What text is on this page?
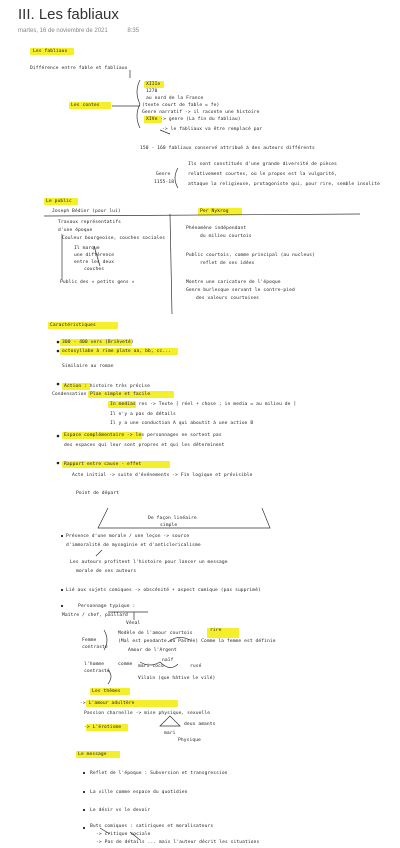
III. Les fabliaux
martes, 16 de noviembre de 2021	8:35
Les fabliaux
Différence entre fable et fabliaux
XIIIe
1270
au nord de la France
Les contes	(texte court de fable = fe)
Genre narratif -> il raconte une histoire
XIVe -> genre (La fin du fabliau)
-> le fabliaux va être remplacé par
150 - 160 fabliaux conservé attribué à des auteurs différents
Ils sont constitués d'une grande diversité de pièces
Genre	relativement courtes, où le propos est la vulgarité,
1155-18	attaque la religieuse, protagoniste qui, pour rire, semble insolite
Le public
Joseph Bédier (pour lui)	Per Nykrog
Travaux représentatifs
d'une époque
Couleur bourgeoise, couches sociales
Il marque
une différence
entre les deux
couches
Public des « petits gens »
Phénomène indépendant
du milieu courtois
Public courtois, comme principal (au nucleus)
reflet de ses idées
Montre une caricature de l'époque
Genre burlesque servant le contre-pied
des valeurs courtoises
Caractéristiques
300 - 400 vers (Brièveté)
octosyllabe à rime plate aa, bb, cc...
Similaire au roman
Action : histoire très précise
Condensation Plan simple et facile
In medias res -> Texte [ réel + chose ; in media = au milieu de ]
Il n'y a pas de détails
Il y a une conduction A qui aboutit à une action B
Espace complémentaire -> les personnages ne sortent pas
des espaces qui leur sont propres et qui les déterminent
Rapport entre cause - effet
Acte initial -> suite d'événements -> Fin logique et prévisible
Point de départ
De façon linéaire
simple
Présence d'une morale / une leçon -> source
d'immoralité de mysoginie et d'anticlericalisme
Les auteurs profitent l'histoire pour lancer un message
morale de ses auteurs
Lié aux sujets comiques -> obscénité + aspect comique (pas supprimé)
Personnage typique :
Maître / chef, paillard
Vénal
Modèle de l'amour courtois
Femme
contraste
(Mal est pendante ou Passée) Comme la femme est définie
Amour de l'Argent
rire
l'homme	comme mari cocu
naïf
contrasté
rusé
Vilain (que hâtive le vilé)
Les thèmes
-> L'amour adultère
Passion charnelle -> mise physique, sexuelle
-> L'érotisme
deux amants
mari
Physique
Le message
Reflet de l'époque : Subversion et transgression
La ville comme espace du quotidien
Le désir vs le devoir
Buts comiques : satiriques et moralisateurs
-> critique sociale
-> Pas de détails ... mais l'auteur décrit les situations
